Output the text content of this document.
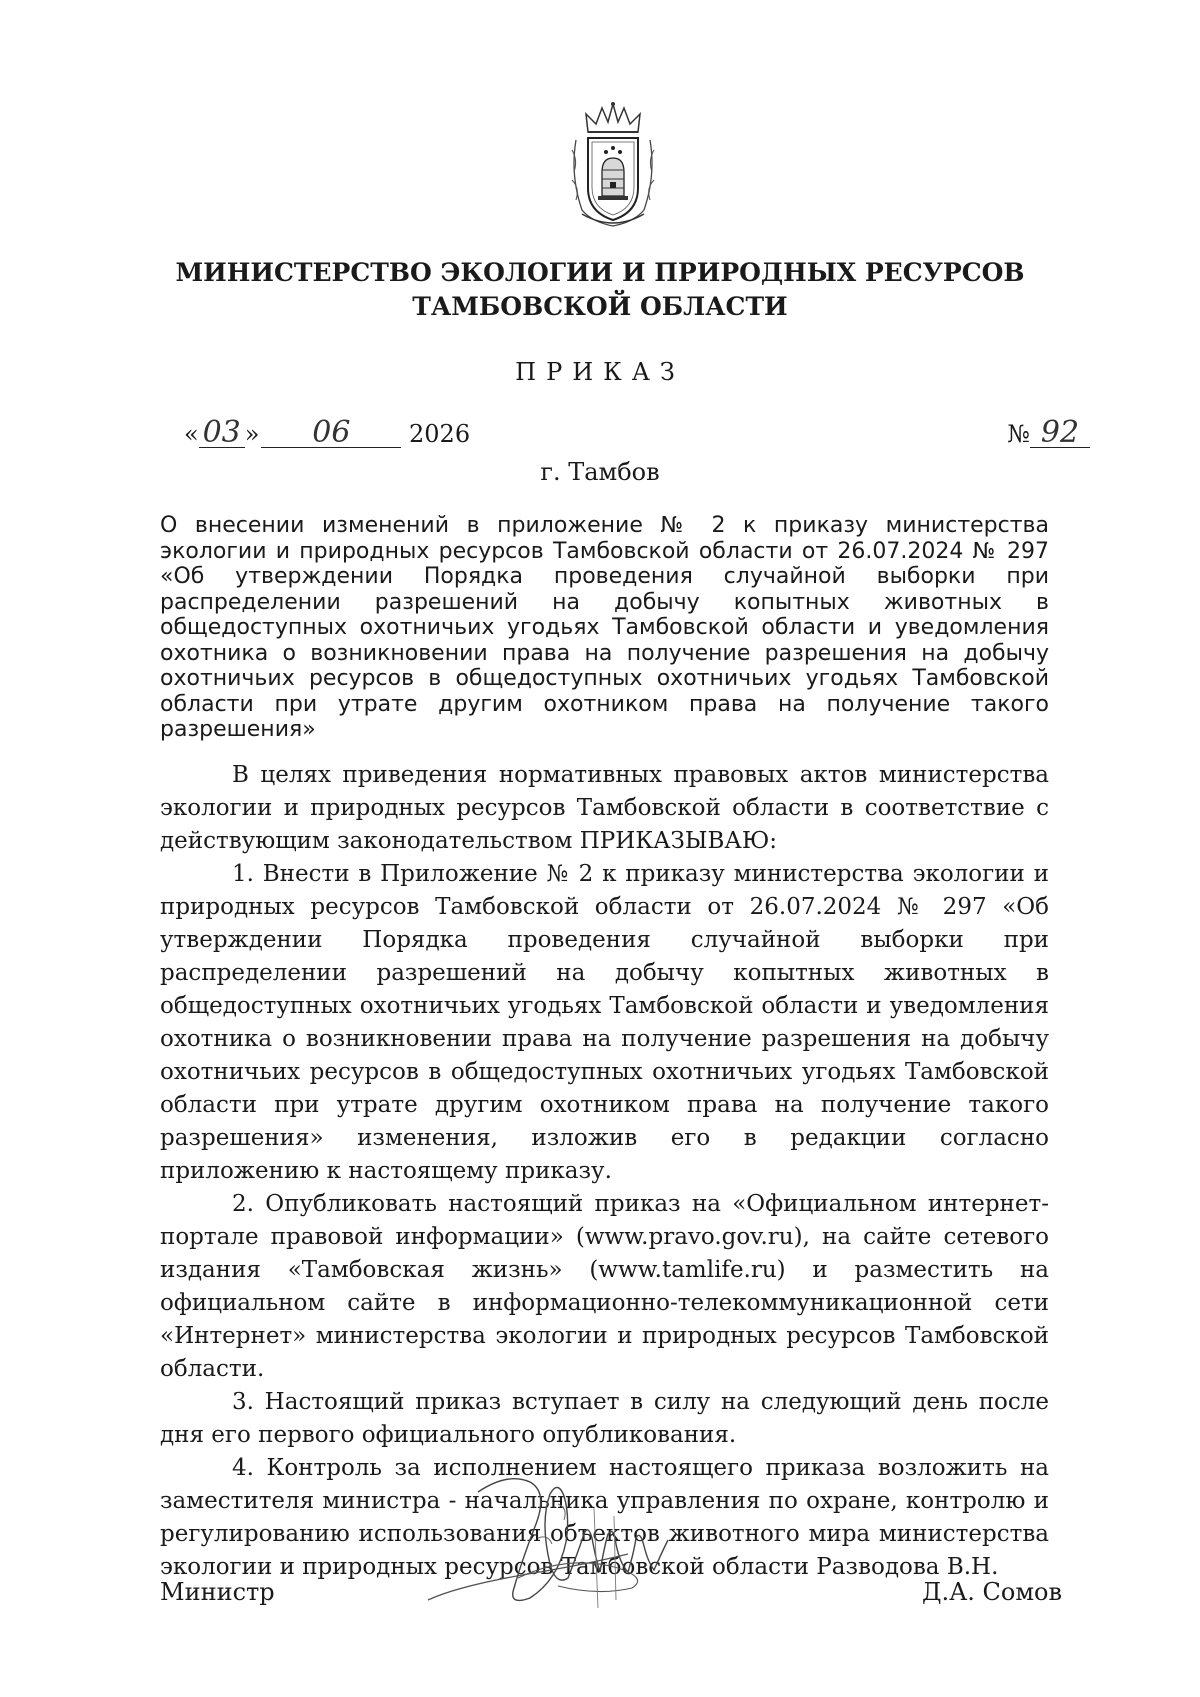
МИНИСТЕРСТВО ЭКОЛОГИИ И ПРИРОДНЫХ РЕСУРСОВ
ТАМБОВСКОЙ ОБЛАСТИ
ПРИКАЗ
« 03 » 06 2026	№ 92
г. Тамбов
О внесении изменений в приложение № 2 к приказу министерства экологии и природных ресурсов Тамбовской области от 26.07.2024 № 297 «Об утверждении Порядка проведения случайной выборки при распределении разрешений на добычу копытных животных в общедоступных охотничьих угодьях Тамбовской области и уведомления охотника о возникновении права на получение разрешения на добычу охотничьих ресурсов в общедоступных охотничьих угодьях Тамбовской области при утрате другим охотником права на получение такого разрешения»

В целях приведения нормативных правовых актов министерства экологии и природных ресурсов Тамбовской области в соответствие с действующим законодательством ПРИКАЗЫВАЮ:

1. Внести в Приложение № 2 к приказу министерства экологии и природных ресурсов Тамбовской области от 26.07.2024 № 297 «Об утверждении Порядка проведения случайной выборки при распределении разрешений на добычу копытных животных в общедоступных охотничьих угодьях Тамбовской области и уведомления охотника о возникновении права на получение разрешения на добычу охотничьих ресурсов в общедоступных охотничьих угодьях Тамбовской области при утрате другим охотником права на получение такого разрешения» изменения, изложив его в редакции согласно приложению к настоящему приказу.

2. Опубликовать настоящий приказ на «Официальном интернет-портале правовой информации» (www.pravo.gov.ru), на сайте сетевого издания «Тамбовская жизнь» (www.tamlife.ru) и разместить на официальном сайте в информационно-телекоммуникационной сети «Интернет» министерства экологии и природных ресурсов Тамбовской области.

3. Настоящий приказ вступает в силу на следующий день после дня его первого официального опубликования.

4. Контроль за исполнением настоящего приказа возложить на заместителя министра - начальника управления по охране, контролю и регулированию использования объектов животного мира министерства экологии и природных ресурсов Тамбовской области Разводова В.Н.

Министр	Д.А. Сомов
